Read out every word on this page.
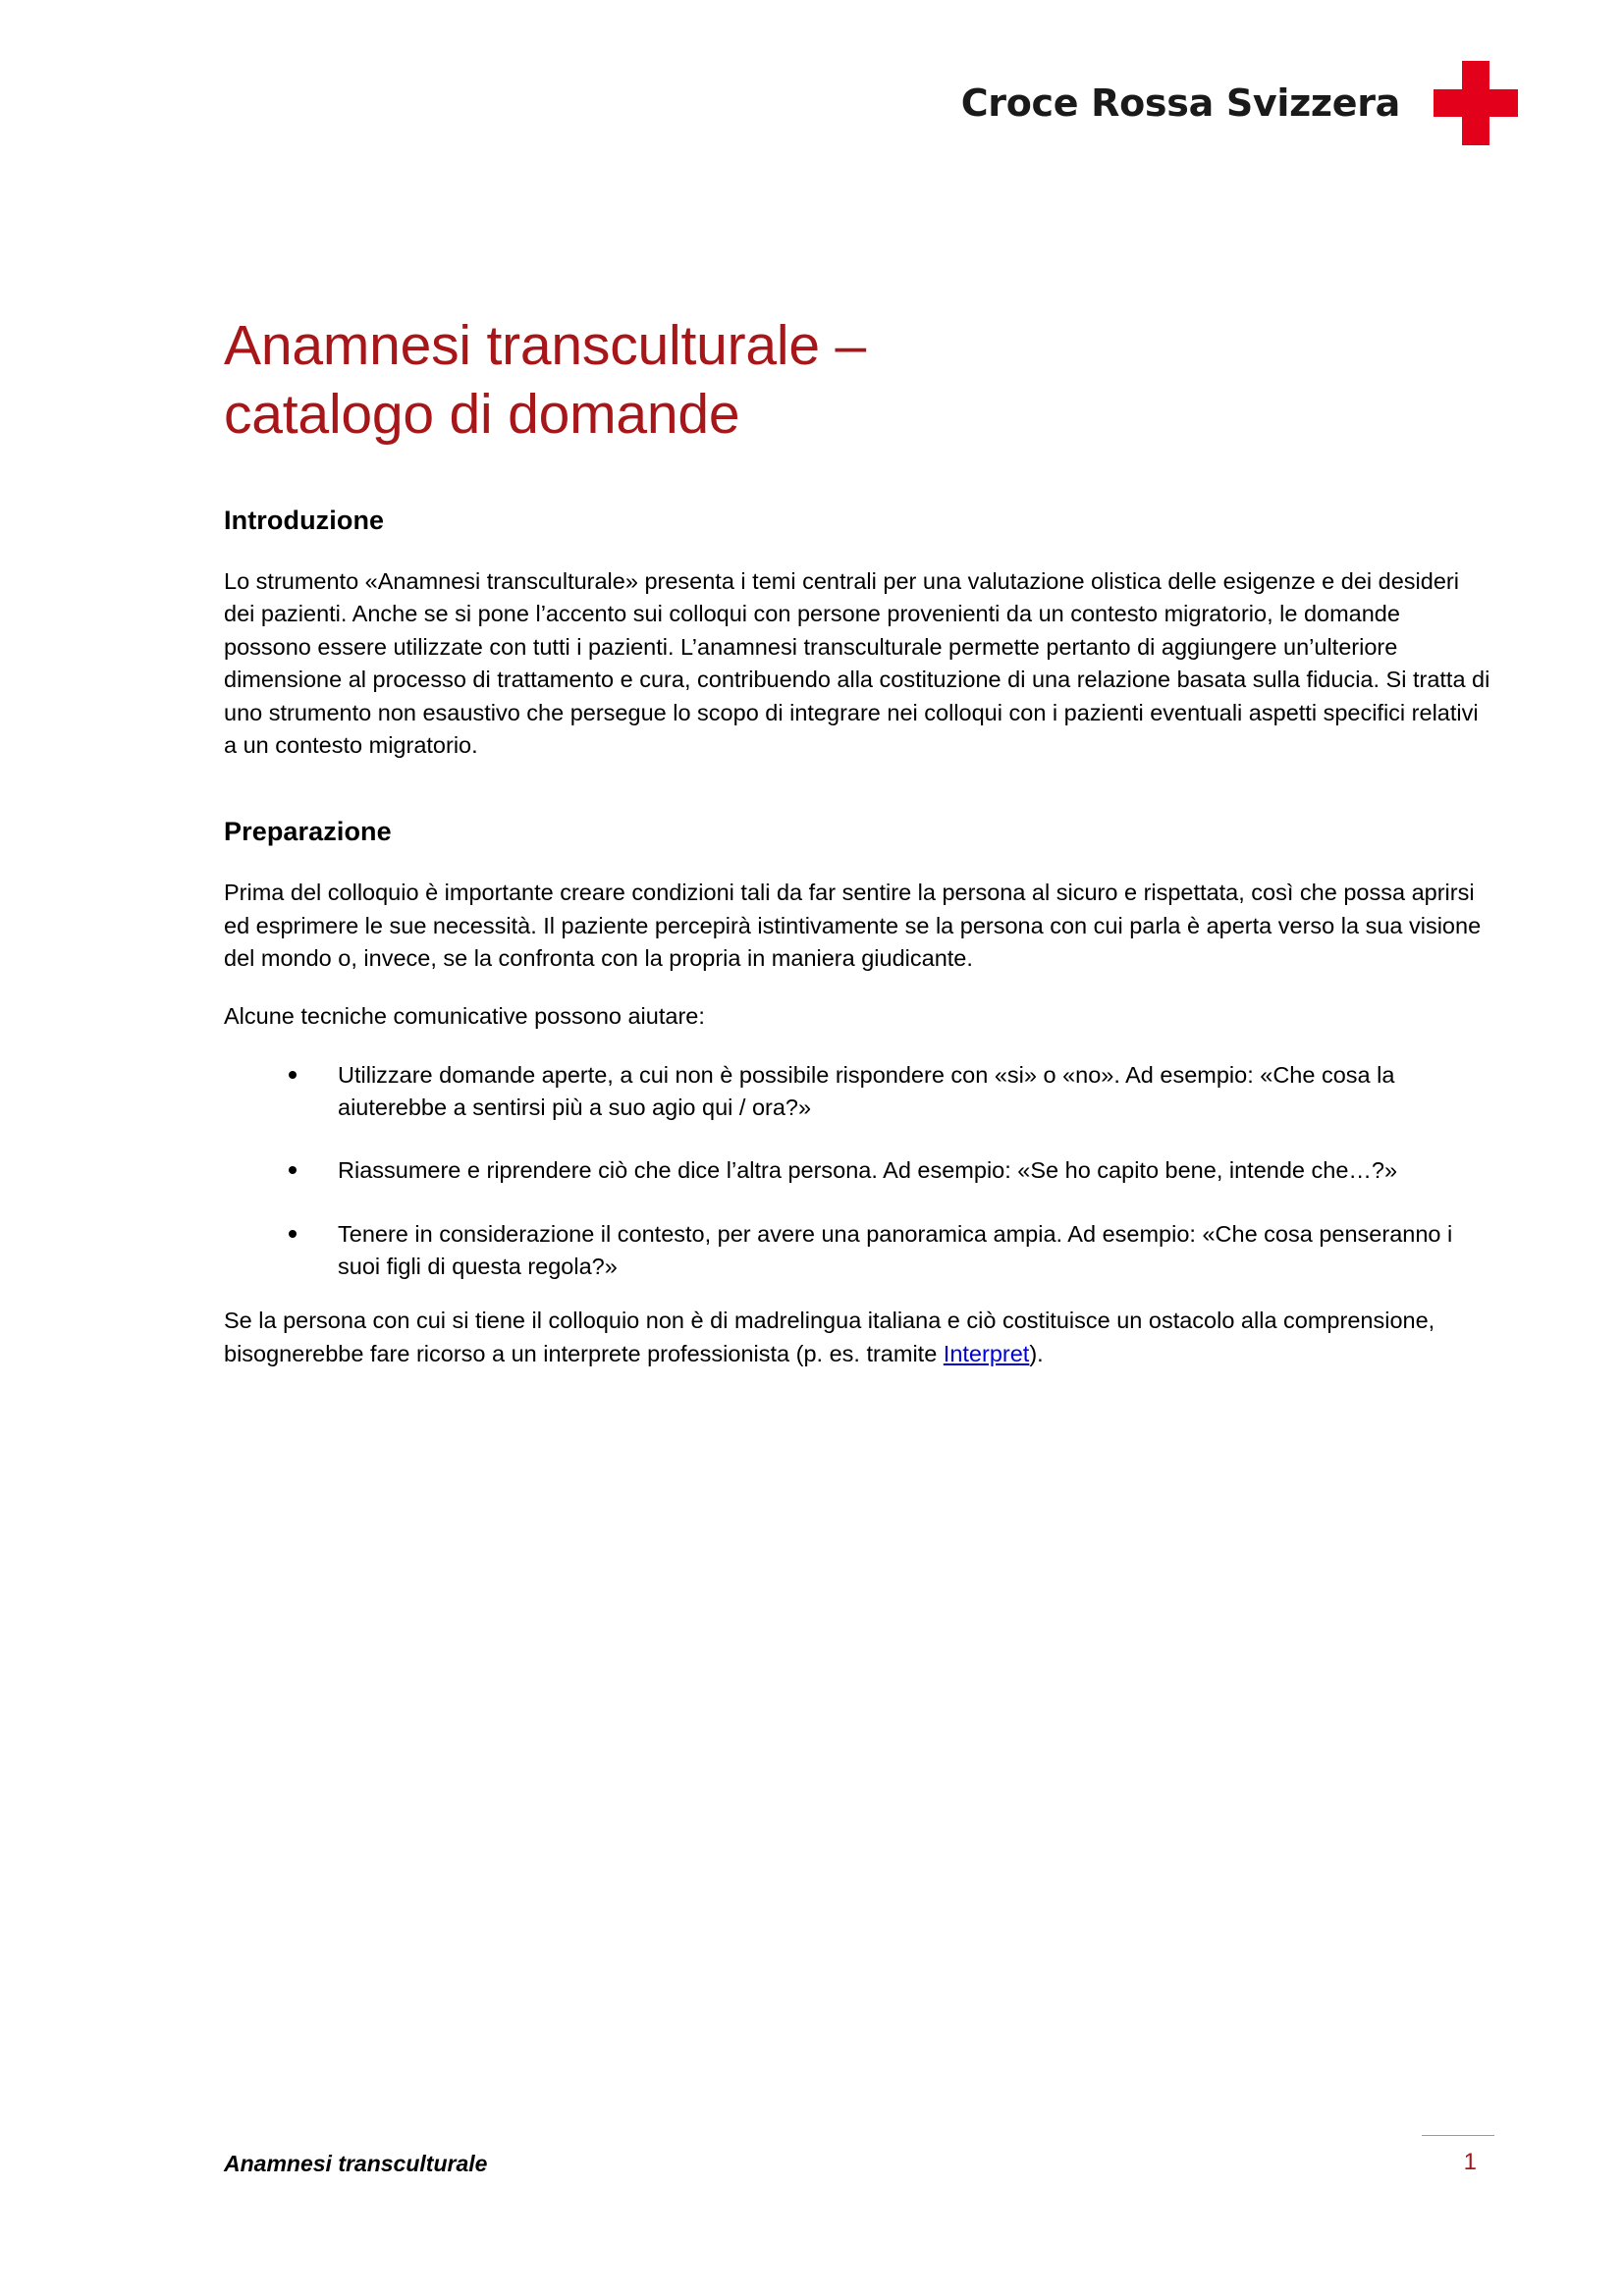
Croce Rossa Svizzera
Anamnesi transculturale –
catalogo di domande
Introduzione

Lo strumento «Anamnesi transculturale» presenta i temi centrali per una valutazione olistica delle esigenze e dei desideri dei pazienti. Anche se si pone l’accento sui colloqui con persone provenienti da un contesto migratorio, le domande possono essere utilizzate con tutti i pazienti. L’anamnesi transculturale permette pertanto di aggiungere un’ulteriore dimensione al processo di trattamento e cura, contribuendo alla costituzione di una relazione basata sulla fiducia. Si tratta di uno strumento non esaustivo che persegue lo scopo di integrare nei colloqui con i pazienti eventuali aspetti specifici relativi a un contesto migratorio.

Preparazione

Prima del colloquio è importante creare condizioni tali da far sentire la persona al sicuro e rispettata, così che possa aprirsi ed esprimere le sue necessità. Il paziente percepirà istintivamente se la persona con cui parla è aperta verso la sua visione del mondo o, invece, se la confronta con la propria in maniera giudicante.

Alcune tecniche comunicative possono aiutare:

Utilizzare domande aperte, a cui non è possibile rispondere con «si» o «no». Ad esempio: «Che cosa la aiuterebbe a sentirsi più a suo agio qui / ora?»
Riassumere e riprendere ciò che dice l’altra persona. Ad esempio: «Se ho capito bene, intende che…?»
Tenere in considerazione il contesto, per avere una panoramica ampia. Ad esempio: «Che cosa penseranno i suoi figli di questa regola?»

Se la persona con cui si tiene il colloquio non è di madrelingua italiana e ciò costituisce un ostacolo alla comprensione, bisognerebbe fare ricorso a un interprete professionista (p. es. tramite Interpret).

Anamnesi transculturale	1
